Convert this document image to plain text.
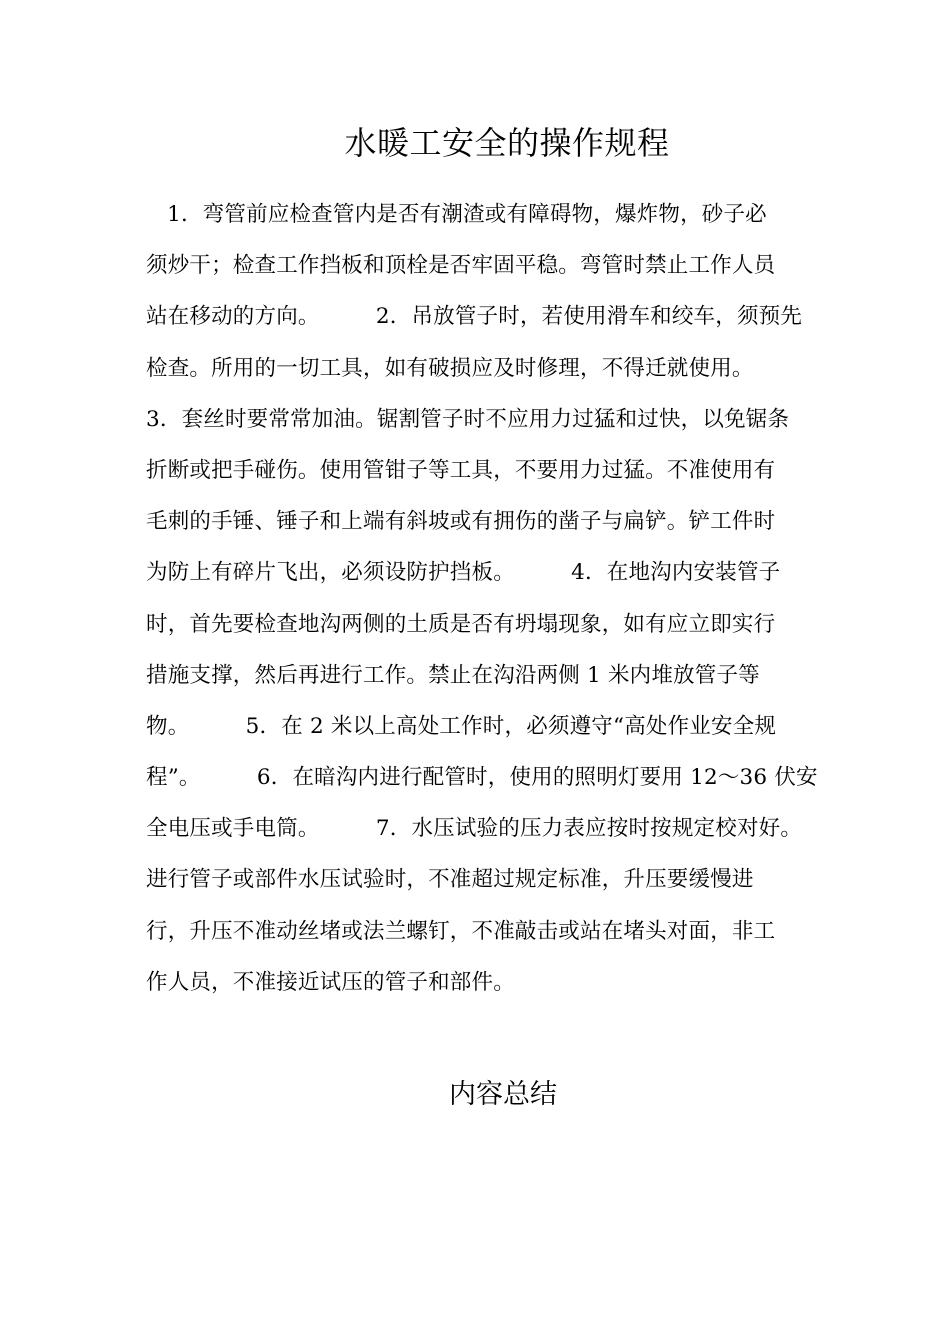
水暖工安全的操作规程
1．弯管前应检查管内是否有潮渣或有障碍物，爆炸物，砂子必
须炒干；检查工作挡板和顶栓是否牢固平稳。弯管时禁止工作人员
站在移动的方向。        2．吊放管子时，若使用滑车和绞车，须预先
检查。所用的一切工具，如有破损应及时修理，不得迁就使用。
3．套丝时要常常加油。锯割管子时不应用力过猛和过快，以免锯条
折断或把手碰伤。使用管钳子等工具，不要用力过猛。不准使用有
毛刺的手锤、锤子和上端有斜坡或有拥伤的凿子与扁铲。铲工件时
为防上有碎片飞出，必须设防护挡板。        4．在地沟内安装管子
时，首先要检查地沟两侧的土质是否有坍塌现象，如有应立即实行
措施支撑，然后再进行工作。禁止在沟沿两侧 1 米内堆放管子等
物。        5．在 2 米以上高处工作时，必须遵守“高处作业安全规
程”。        6．在暗沟内进行配管时，使用的照明灯要用 12～36 伏安
全电压或手电筒。        7．水压试验的压力表应按时按规定校对好。
进行管子或部件水压试验时，不准超过规定标准，升压要缓慢进
行，升压不准动丝堵或法兰螺钉，不准敲击或站在堵头对面，非工
作人员，不准接近试压的管子和部件。
内容总结
